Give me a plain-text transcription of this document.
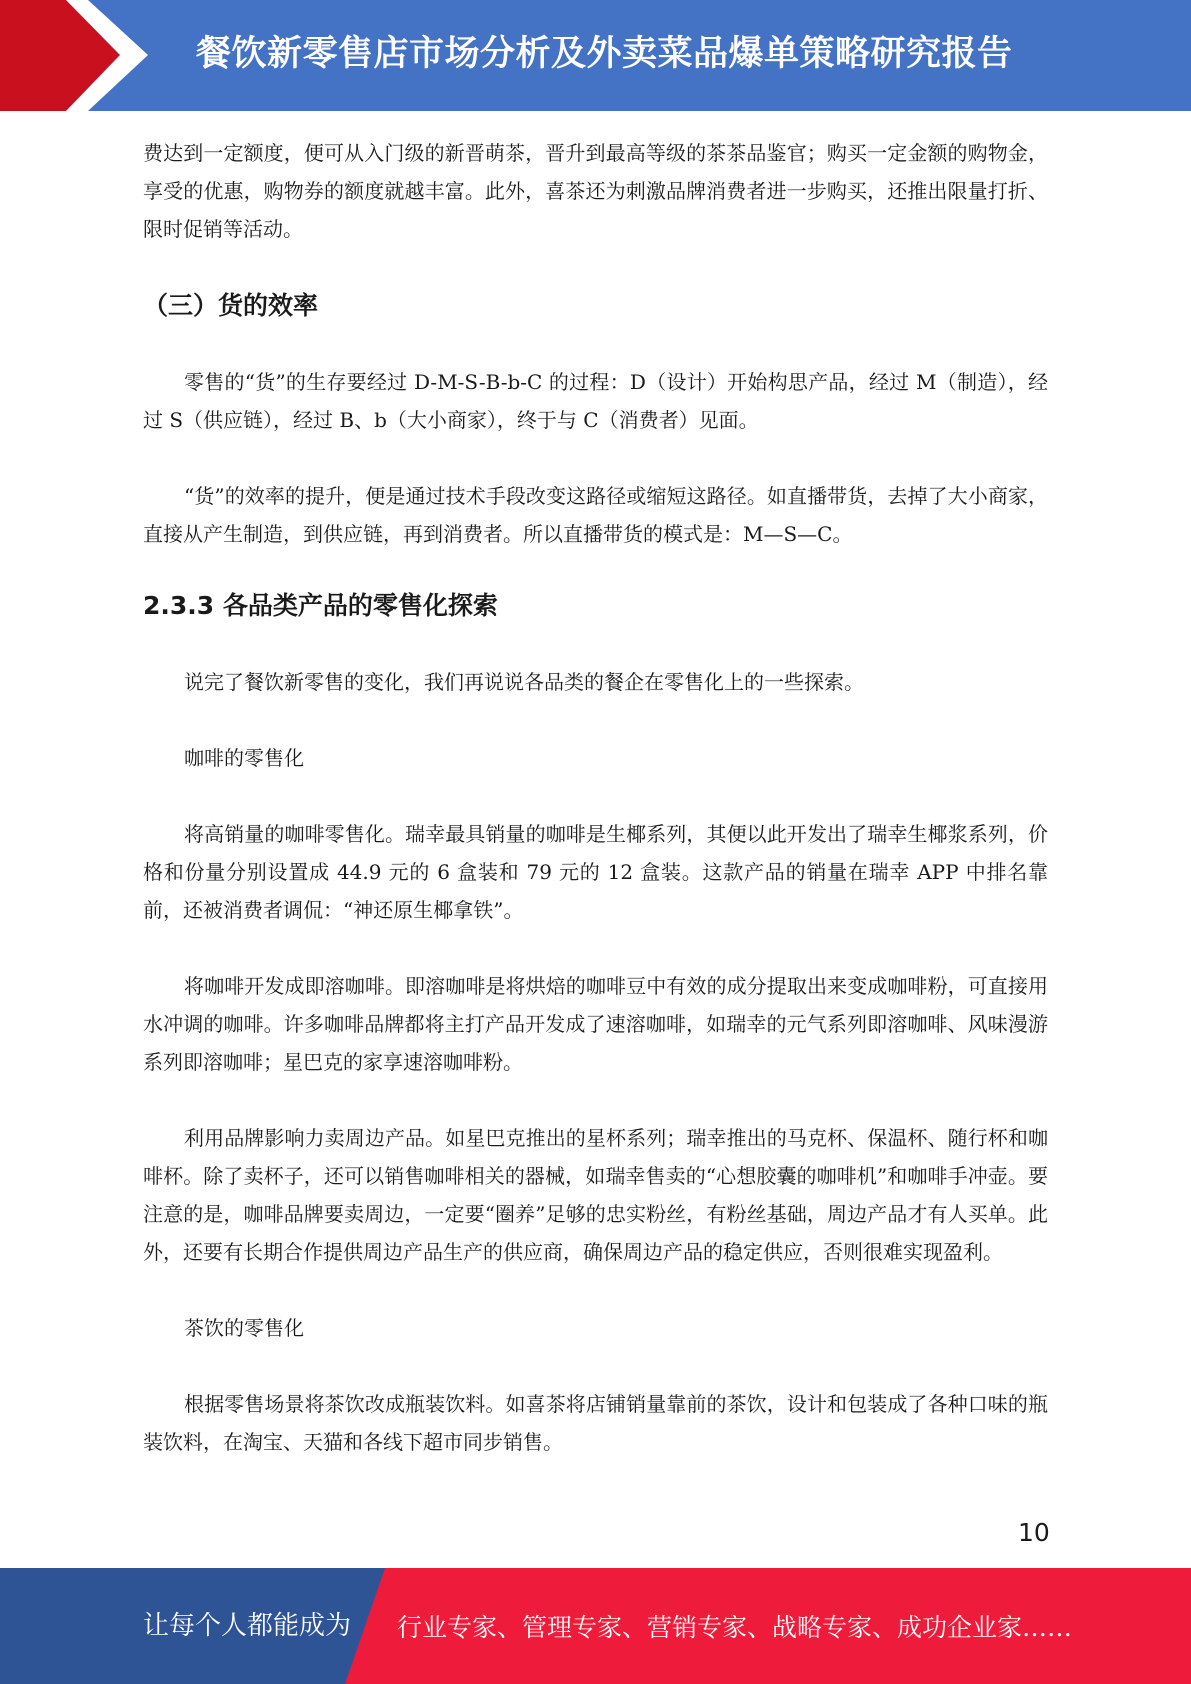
餐饮新零售店市场分析及外卖菜品爆单策略研究报告

费达到一定额度，便可从入门级的新晋萌茶，晋升到最高等级的茶茶品鉴官；购买一定金额的购物金，享受的优惠，购物券的额度就越丰富。此外，喜茶还为刺激品牌消费者进一步购买，还推出限量打折、限时促销等活动。

（三）货的效率

零售的“货”的生存要经过 D-M-S-B-b-C 的过程：D（设计）开始构思产品，经过 M（制造），经过 S（供应链），经过 B、b（大小商家），终于与 C（消费者）见面。

“货”的效率的提升，便是通过技术手段改变这路径或缩短这路径。如直播带货，去掉了大小商家，直接从产生制造，到供应链，再到消费者。所以直播带货的模式是：M—S—C。

2.3.3 各品类产品的零售化探索

说完了餐饮新零售的变化，我们再说说各品类的餐企在零售化上的一些探索。

咖啡的零售化

将高销量的咖啡零售化。瑞幸最具销量的咖啡是生椰系列，其便以此开发出了瑞幸生椰浆系列，价格和份量分别设置成 44.9 元的 6 盒装和 79 元的 12 盒装。这款产品的销量在瑞幸 APP 中排名靠前，还被消费者调侃：“神还原生椰拿铁”。

将咖啡开发成即溶咖啡。即溶咖啡是将烘焙的咖啡豆中有效的成分提取出来变成咖啡粉，可直接用水冲调的咖啡。许多咖啡品牌都将主打产品开发成了速溶咖啡，如瑞幸的元气系列即溶咖啡、风味漫游系列即溶咖啡；星巴克的家享速溶咖啡粉。

利用品牌影响力卖周边产品。如星巴克推出的星杯系列；瑞幸推出的马克杯、保温杯、随行杯和咖啡杯。除了卖杯子，还可以销售咖啡相关的器械，如瑞幸售卖的“心想胶囊的咖啡机”和咖啡手冲壶。要注意的是，咖啡品牌要卖周边，一定要“圈养”足够的忠实粉丝，有粉丝基础，周边产品才有人买单。此外，还要有长期合作提供周边产品生产的供应商，确保周边产品的稳定供应，否则很难实现盈利。

茶饮的零售化

根据零售场景将茶饮改成瓶装饮料。如喜茶将店铺销量靠前的茶饮，设计和包装成了各种口味的瓶装饮料，在淘宝、天猫和各线下超市同步销售。

10
让每个人都能成为 行业专家、管理专家、营销专家、战略专家、成功企业家……
